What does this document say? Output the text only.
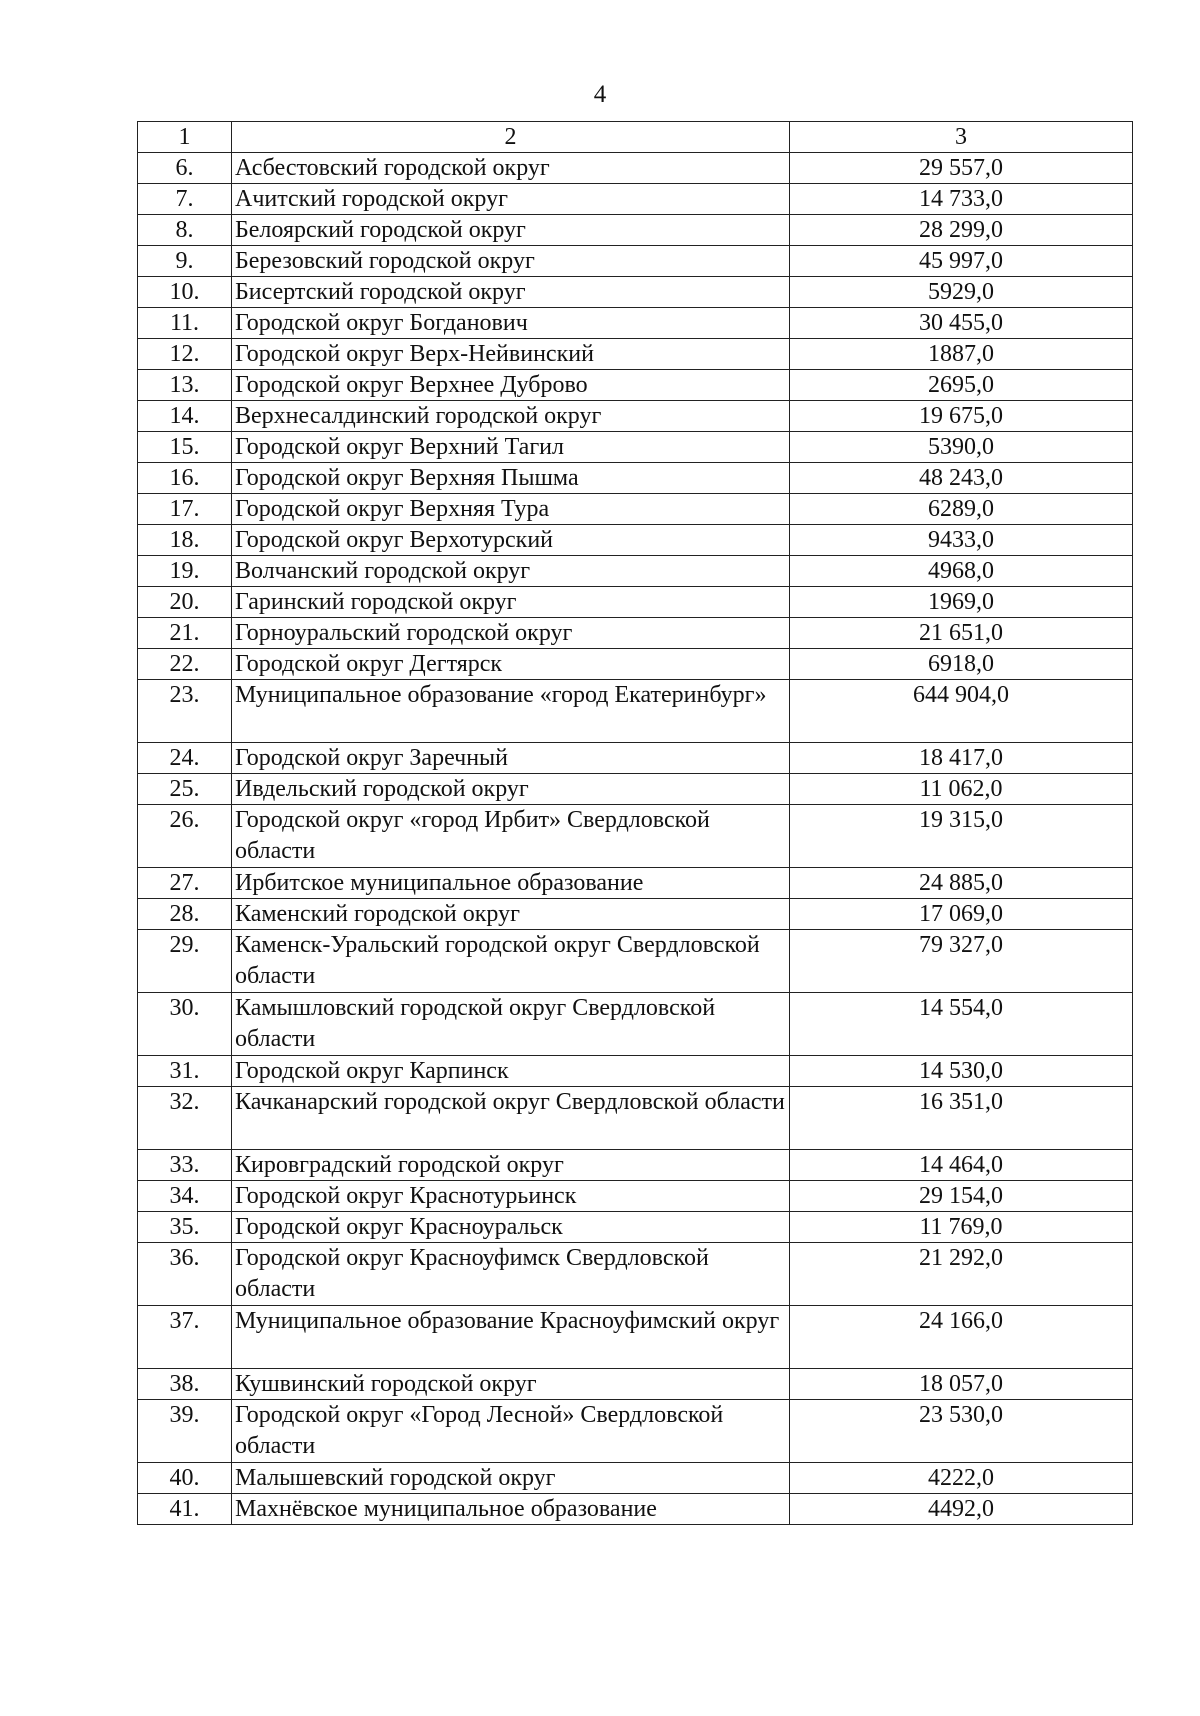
4
1	2	3
6.	Асбестовский городской округ	29 557,0
7.	Ачитский городской округ	14 733,0
8.	Белоярский городской округ	28 299,0
9.	Березовский городской округ	45 997,0
10.	Бисертский городской округ	5929,0
11.	Городской округ Богданович	30 455,0
12.	Городской округ Верх-Нейвинский	1887,0
13.	Городской округ Верхнее Дуброво	2695,0
14.	Верхнесалдинский городской округ	19 675,0
15.	Городской округ Верхний Тагил	5390,0
16.	Городской округ Верхняя Пышма	48 243,0
17.	Городской округ Верхняя Тура	6289,0
18.	Городской округ Верхотурский	9433,0
19.	Волчанский городской округ	4968,0
20.	Гаринский городской округ	1969,0
21.	Горноуральский городской округ	21 651,0
22.	Городской округ Дегтярск	6918,0
23.	Муниципальное образование «город Екатеринбург»	644 904,0
24.	Городской округ Заречный	18 417,0
25.	Ивдельский городской округ	11 062,0
26.	Городской округ «город Ирбит» Свердловской области	19 315,0
27.	Ирбитское муниципальное образование	24 885,0
28.	Каменский городской округ	17 069,0
29.	Каменск-Уральский городской округ Свердловской области	79 327,0
30.	Камышловский городской округ Свердловской области	14 554,0
31.	Городской округ Карпинск	14 530,0
32.	Качканарский городской округ Свердловской области	16 351,0
33.	Кировградский городской округ	14 464,0
34.	Городской округ Краснотурьинск	29 154,0
35.	Городской округ Красноуральск	11 769,0
36.	Городской округ Красноуфимск Свердловской области	21 292,0
37.	Муниципальное образование Красноуфимский округ	24 166,0
38.	Кушвинский городской округ	18 057,0
39.	Городской округ «Город Лесной» Свердловской области	23 530,0
40.	Малышевский городской округ	4222,0
41.	Махнёвское муниципальное образование	4492,0
